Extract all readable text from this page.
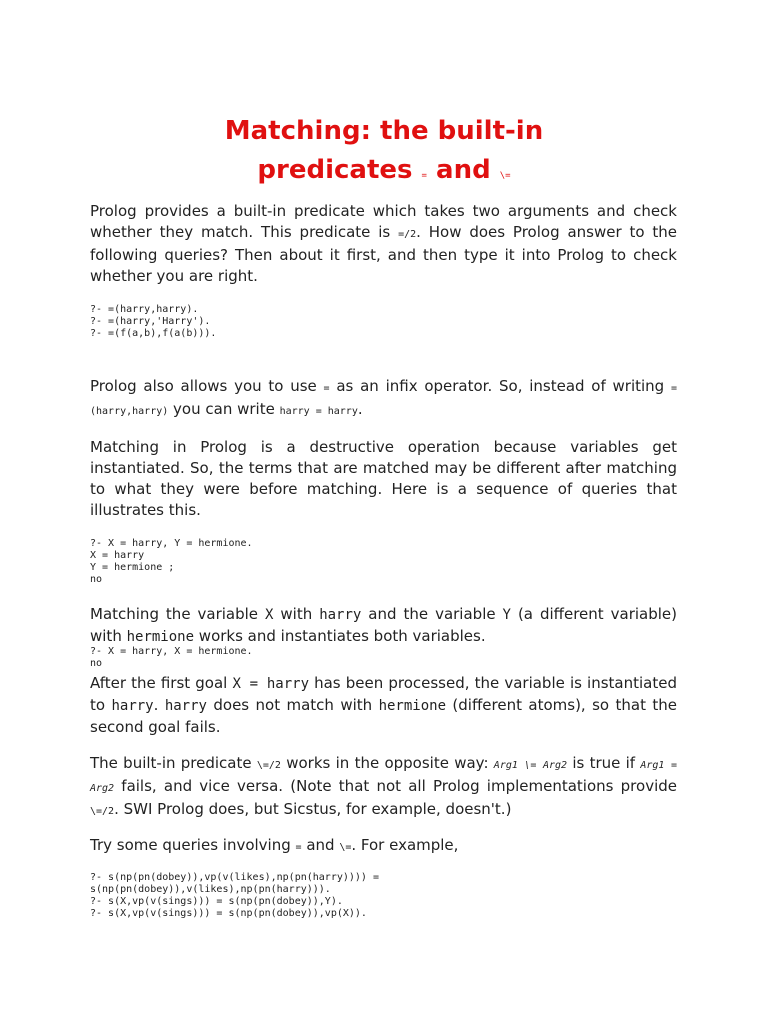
Matching: the built-in
predicates = and \=

Prolog provides a built-in predicate which takes two arguments and check whether they match. This predicate is =/2. How does Prolog answer to the following queries? Then about it first, and then type it into Prolog to check whether you are right.

?- =(harry,harry).
?- =(harry,'Harry').
?- =(f(a,b),f(a(b))).

Prolog also allows you to use = as an infix operator. So, instead of writing =(harry,harry) you can write harry = harry.

Matching in Prolog is a destructive operation because variables get instantiated. So, the terms that are matched may be different after matching to what they were before matching. Here is a sequence of queries that illustrates this.

?- X = harry, Y = hermione.
X = harry
Y = hermione ;
no

Matching the variable X with harry and the variable Y (a different variable) with hermione works and instantiates both variables.

?- X = harry, X = hermione.
no

After the first goal X = harry has been processed, the variable is instantiated to harry. harry does not match with hermione (different atoms), so that the second goal fails.

The built-in predicate \=/2 works in the opposite way: Arg1 \= Arg2 is true if Arg1 = Arg2 fails, and vice versa. (Note that not all Prolog implementations provide \=/2. SWI Prolog does, but Sicstus, for example, doesn't.)

Try some queries involving = and \=. For example,

?- s(np(pn(dobey)),vp(v(likes),np(pn(harry)))) =
s(np(pn(dobey)),v(likes),np(pn(harry))).
?- s(X,vp(v(sings))) = s(np(pn(dobey)),Y).
?- s(X,vp(v(sings))) = s(np(pn(dobey)),vp(X)).
